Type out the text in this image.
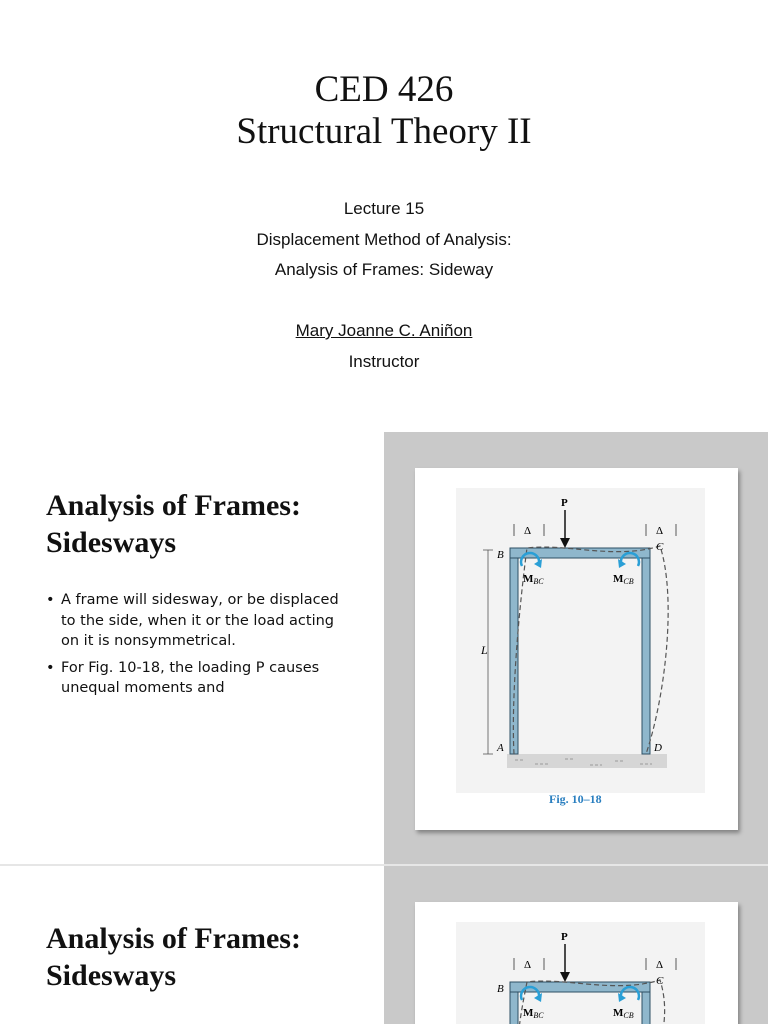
CED 426
Structural Theory II
Lecture 15
Displacement Method of Analysis:
Analysis of Frames: Sideway
Mary Joanne C. Aniñon
Instructor
Analysis of Frames:
Sidesways
• A frame will sidesway, or be displaced to the side, when it or the load acting on it is nonsymmetrical.
• For Fig. 10-18, the loading P causes unequal moments and
L
P
Δ	Δ
B
C
A	D
MBC	MCB
Fig. 10–18
Analysis of Frames:
Sidesways
P
Δ	Δ
B
C
MBC	MCB
